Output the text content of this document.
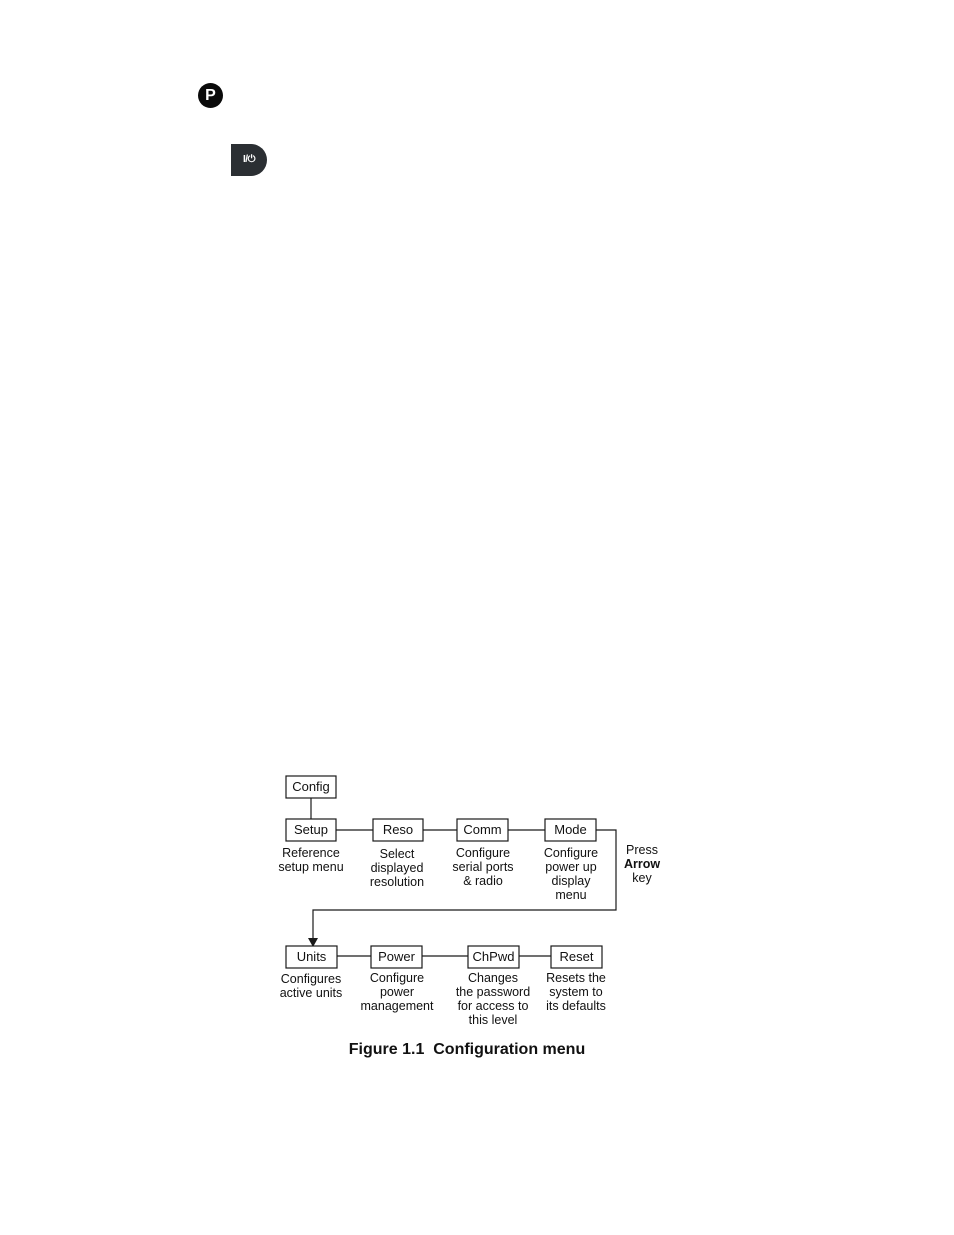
P
I/⏻
Config
Setup	Reso	Comm	Mode
Reference
setup menu
Select
displayed
resolution
Configure
serial ports
& radio
Configure
power up
display
menu
Press
Arrow
key
Units	Power	ChPwd	Reset
Configures
active units
Configure
power
management
Changes
the password
for access to
this level
Resets the
system to
its defaults
Figure 1.1  Configuration menu
